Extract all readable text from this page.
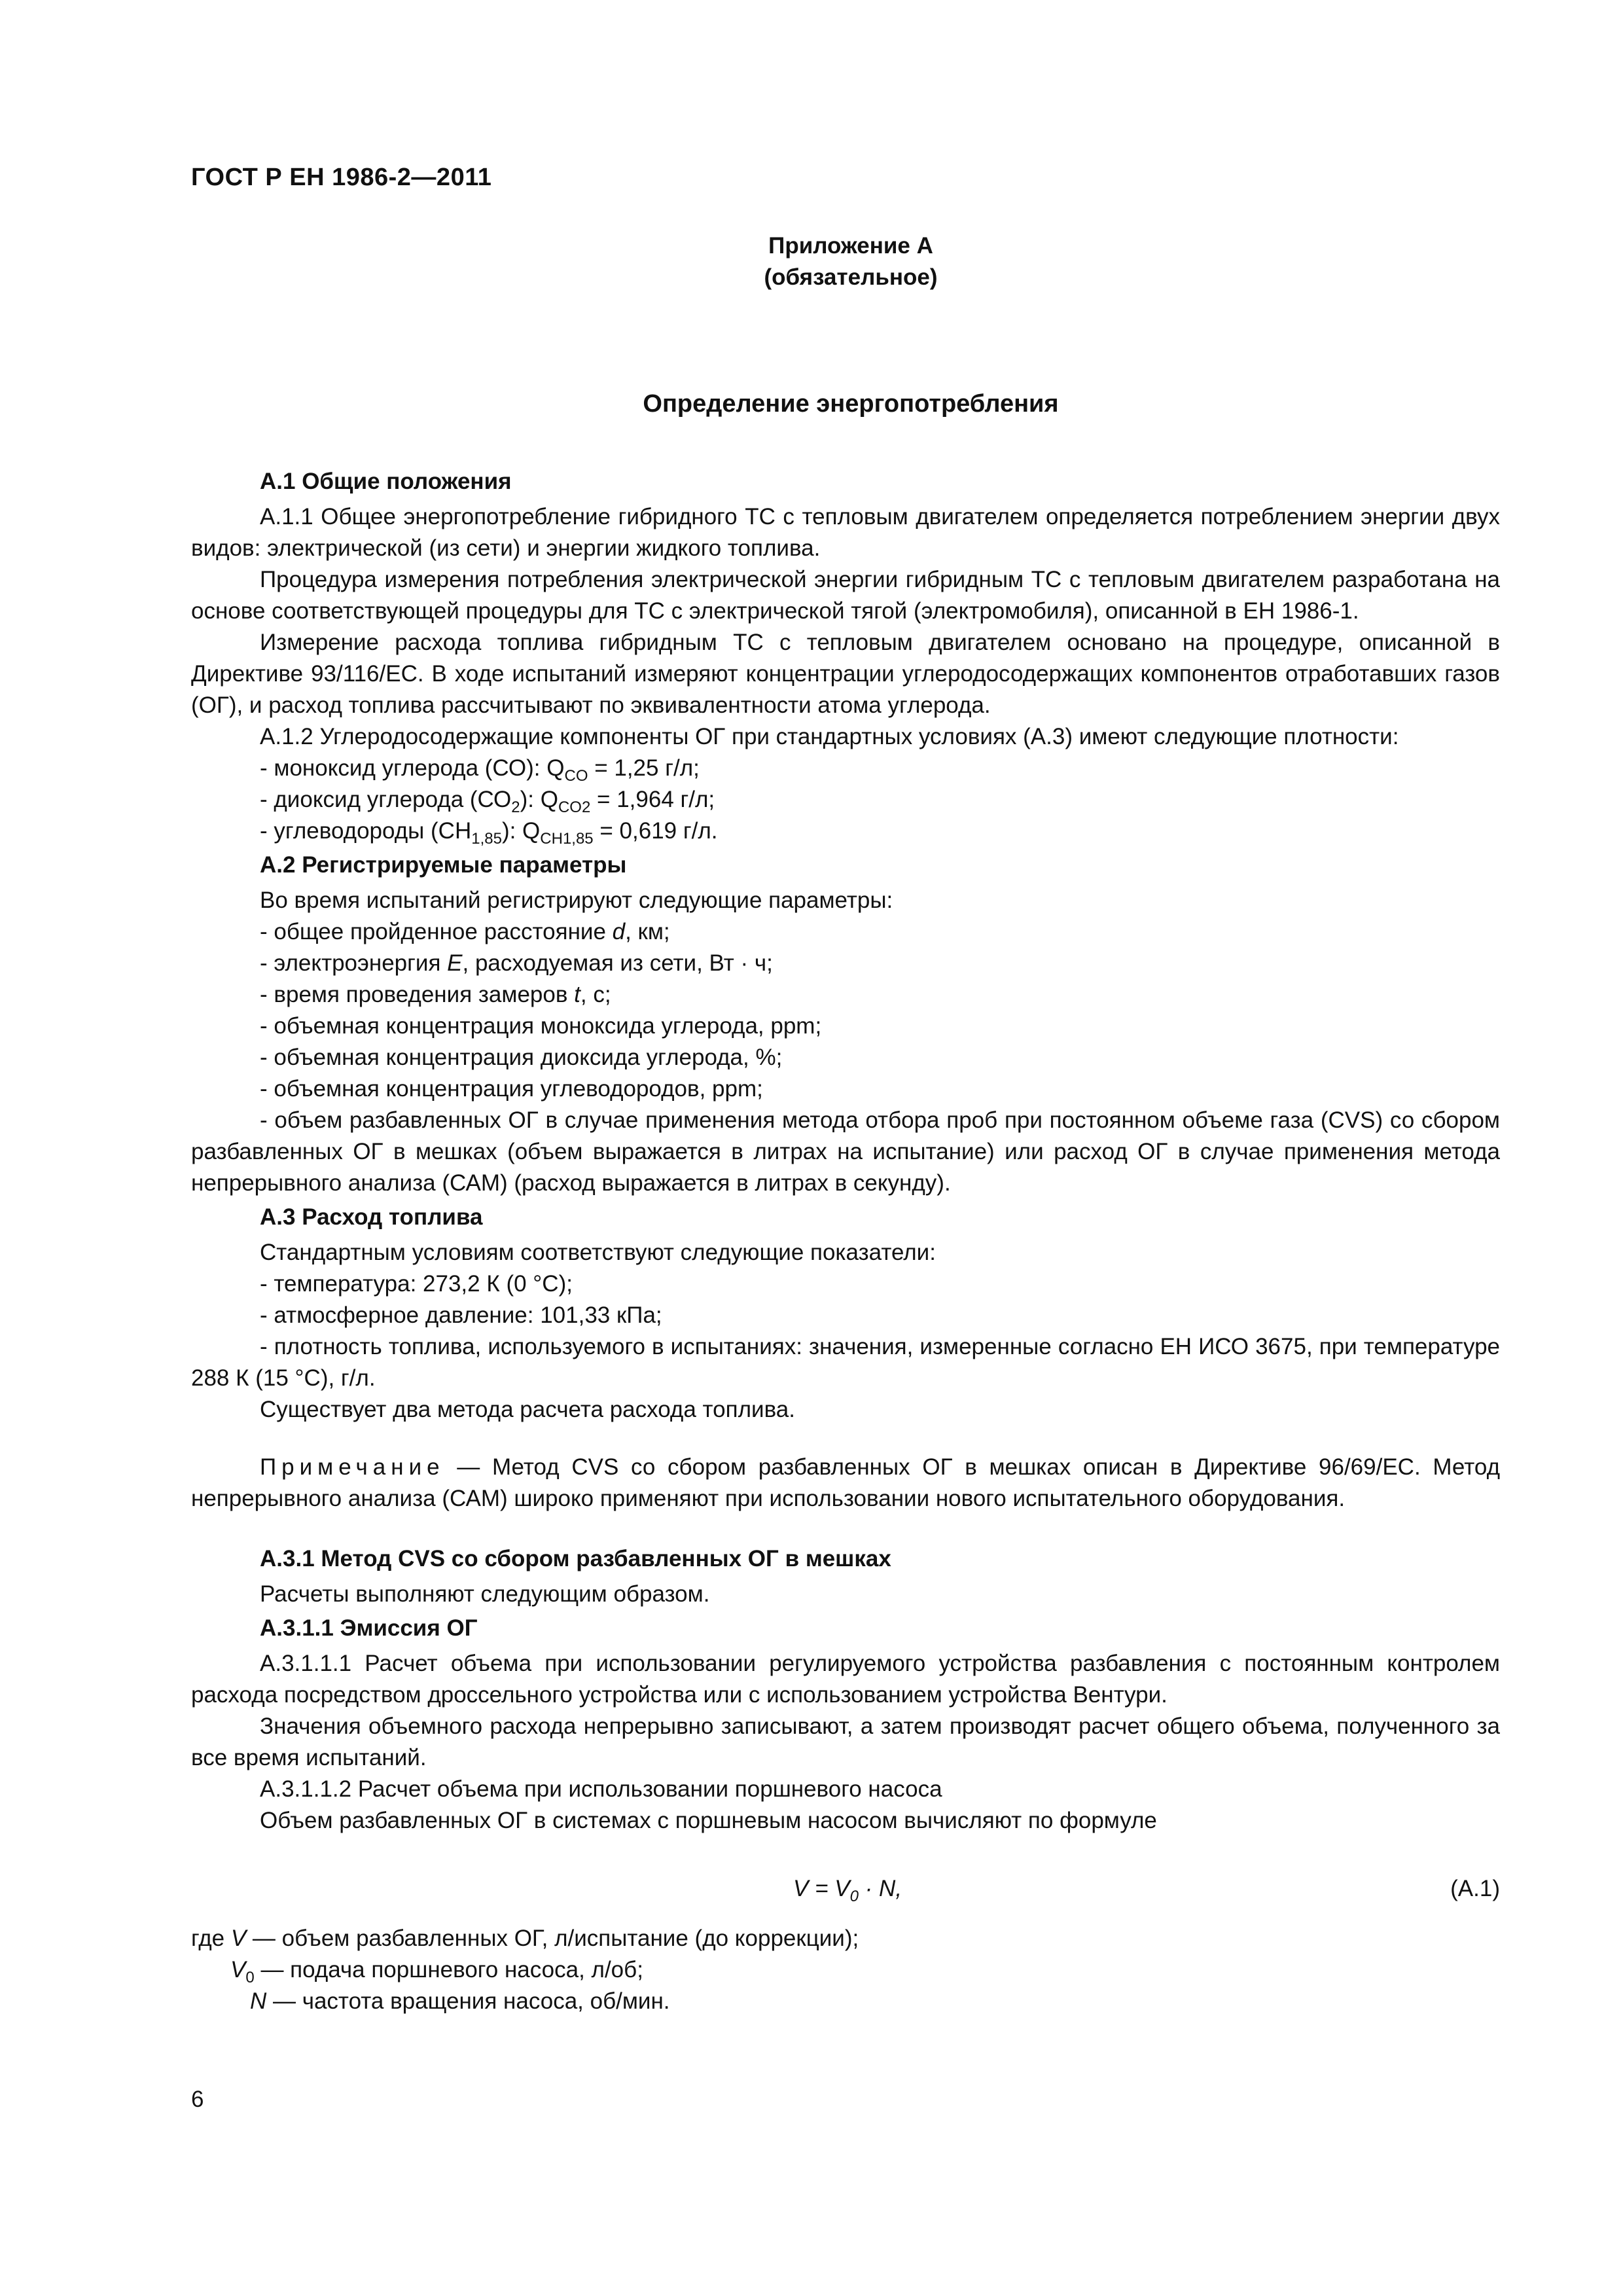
ГОСТ Р ЕН 1986-2—2011
Приложение А
(обязательное)
Определение энергопотребления

А.1 Общие положения

А.1.1 Общее энергопотребление гибридного ТС с тепловым двигателем определяется потреблением энергии двух видов: электрической (из сети) и энергии жидкого топлива.

Процедура измерения потребления электрической энергии гибридным ТС с тепловым двигателем разработана на основе соответствующей процедуры для ТС с электрической тягой (электромобиля), описанной в ЕН 1986-1.

Измерение расхода топлива гибридным ТС с тепловым двигателем основано на процедуре, описанной в Директиве 93/116/ЕС. В ходе испытаний измеряют концентрации углеродосодержащих компонентов отработавших газов (ОГ), и расход топлива рассчитывают по эквивалентности атома углерода.

А.1.2 Углеродосодержащие компоненты ОГ при стандартных условиях (А.3) имеют следующие плотности:

- моноксид углерода (СО): $Q_{CO} = 1,25$ г/л;

- диоксид углерода $(СО_2)$: $Q_{CO2} = 1,964$ г/л;

- углеводороды $(СН_{1,85})$: $Q_{CH1,85} = 0,619$ г/л.

А.2 Регистрируемые параметры

Во время испытаний регистрируют следующие параметры:

- общее пройденное расстояние d, км;

- электроэнергия E, расходуемая из сети, Вт · ч;

- время проведения замеров t, с;

- объемная концентрация моноксида углерода, ppm;

- объемная концентрация диоксида углерода, %;

- объемная концентрация углеводородов, ppm;

- объем разбавленных ОГ в случае применения метода отбора проб при постоянном объеме газа (CVS) со сбором разбавленных ОГ в мешках (объем выражается в литрах на испытание) или расход ОГ в случае применения метода непрерывного анализа (САМ) (расход выражается в литрах в секунду).

А.3 Расход топлива

Стандартным условиям соответствуют следующие показатели:

- температура: 273,2 К (0 °С);

- атмосферное давление: 101,33 кПа;

- плотность топлива, используемого в испытаниях: значения, измеренные согласно ЕН ИСО 3675, при температуре 288 К (15 °С), г/л.

Существует два метода расчета расхода топлива.

Примечание — Метод CVS со сбором разбавленных ОГ в мешках описан в Директиве 96/69/ЕС. Метод непрерывного анализа (САМ) широко применяют при использовании нового испытательного оборудования.

А.3.1 Метод CVS со сбором разбавленных ОГ в мешках

Расчеты выполняют следующим образом.

А.3.1.1 Эмиссия ОГ

А.3.1.1.1 Расчет объема при использовании регулируемого устройства разбавления с постоянным контролем расхода посредством дроссельного устройства или с использованием устройства Вентури.

Значения объемного расхода непрерывно записывают, а затем производят расчет общего объема, полученного за все время испытаний.

А.3.1.1.2 Расчет объема при использовании поршневого насоса

Объем разбавленных ОГ в системах с поршневым насосом вычисляют по формуле

$V = V_0 \cdot N$,	(А.1)

где V — объем разбавленных ОГ, л/испытание (до коррекции);

$V_0$ — подача поршневого насоса, л/об;

N — частота вращения насоса, об/мин.

6
